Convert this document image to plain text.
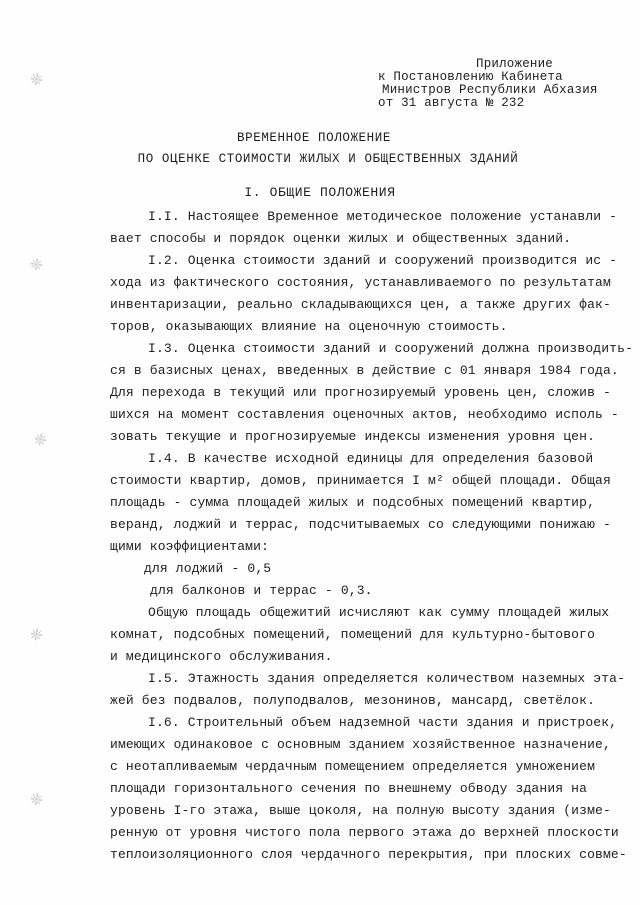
❈
❈
❈
❈
❈
Приложение
к Постановлению Кабинета
Министров Республики Абхазия
от 31 августа № 232
ВРЕМЕННОЕ ПОЛОЖЕНИЕ
ПО ОЦЕНКЕ СТОИМОСТИ ЖИЛЫХ И ОБЩЕСТВЕННЫХ ЗДАНИЙ
I. ОБЩИЕ ПОЛОЖЕНИЯ
I.I. Настоящее Временное методическое положение устанавли -
вает способы и порядок оценки жилых и общественных зданий.
I.2. Оценка стоимости зданий и сооружений производится ис -
хода из фактического состояния, устанавливаемого по результатам
инвентаризации, реально складывающихся цен, а также других фак-
торов, оказывающих влияние на оценочную стоимость.
I.3. Оценка стоимости зданий и сооружений должна производить-
ся в базисных ценах, введенных в действие с 01 января 1984 года.
Для перехода в текущий или прогнозируемый уровень цен, сложив -
шихся на момент составления оценочных актов, необходимо исполь -
зовать текущие и прогнозируемые индексы изменения уровня цен.
I.4. В качестве исходной единицы для определения базовой
стоимости квартир, домов, принимается I м² общей площади. Общая
площадь - сумма площадей жилых и подсобных помещений квартир,
веранд, лоджий и террас, подсчитываемых со следующими понижаю -
щими коэффициентами:
для лоджий - 0,5
для балконов и террас - 0,3.
Общую площадь общежитий исчисляют как сумму площадей жилых
комнат, подсобных помещений, помещений для культурно-бытового
и медицинского обслуживания.
I.5. Этажность здания определяется количеством наземных эта-
жей без подвалов, полуподвалов, мезонинов, мансард, светёлок.
I.6. Строительный объем надземной части здания и пристроек,
имеющих одинаковое с основным зданием хозяйственное назначение,
с неотапливаемым чердачным помещением определяется умножением
площади горизонтального сечения по внешнему обводу здания на
уровень I-го этажа, выше цоколя, на полную высоту здания (изме-
ренную от уровня чистого пола первого этажа до верхней плоскости
теплоизоляционного слоя чердачного перекрытия, при плоских совме-
